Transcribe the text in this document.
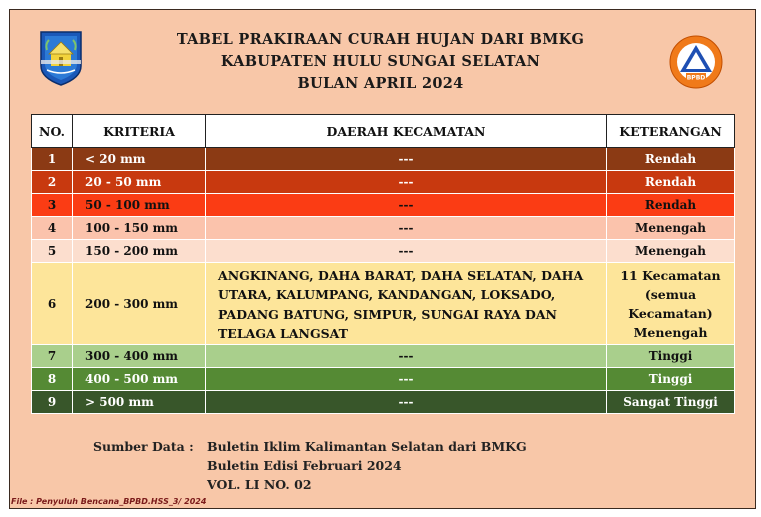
TABEL PRAKIRAAN CURAH HUJAN DARI BMKG
KABUPATEN HULU SUNGAI SELATAN
BULAN APRIL 2024	BPBD
NO.	KRITERIA	DAERAH KECAMATAN	KETERANGAN
1	< 20 mm	---	Rendah
2	20 - 50 mm	---	Rendah
3	50 - 100 mm	---	Rendah
4	100 - 150 mm	---	Menengah
5	150 - 200 mm	---	Menengah
6	200 - 300 mm	ANGKINANG, DAHA BARAT, DAHA SELATAN, DAHA UTARA, KALUMPANG, KANDANGAN, LOKSADO, PADANG BATUNG, SIMPUR, SUNGAI RAYA DAN TELAGA LANGSAT	11 Kecamatan
(semua
Kecamatan)
Menengah

7	300 - 400 mm	---	Tinggi
8	400 - 500 mm	---	Tinggi
9	> 500 mm	---	Sangat Tinggi
Sumber Data : Buletin Iklim Kalimantan Selatan dari BMKG
Buletin Edisi Februari 2024
VOL. LI NO. 02
File : Penyuluh Bencana_BPBD.HSS_3/ 2024
